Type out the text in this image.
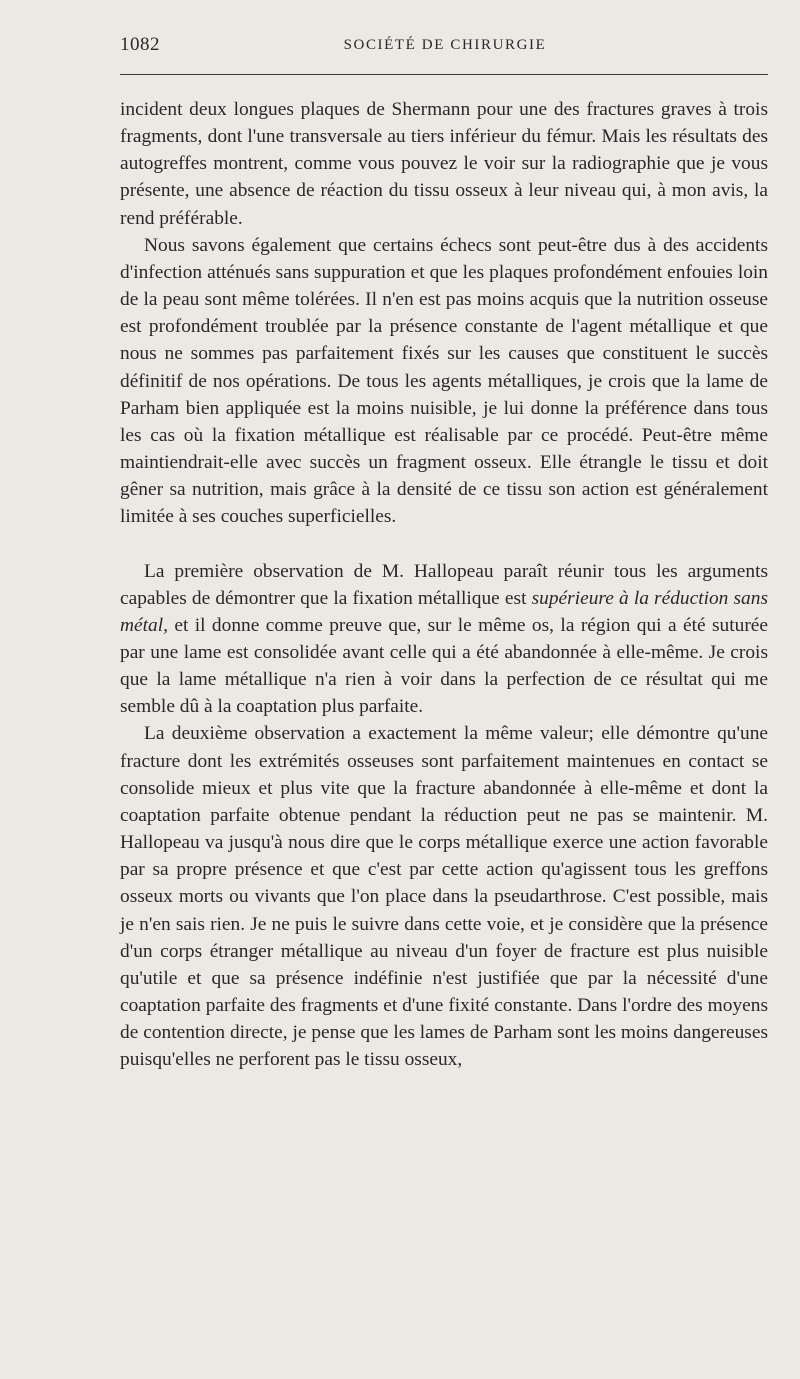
1082	SOCIÉTÉ DE CHIRURGIE

incident deux longues plaques de Shermann pour une des fractures graves à trois fragments, dont l'une transversale au tiers inférieur du fémur. Mais les résultats des autogreffes montrent, comme vous pouvez le voir sur la radiographie que je vous présente, une absence de réaction du tissu osseux à leur niveau qui, à mon avis, la rend préférable.

Nous savons également que certains échecs sont peut-être dus à des accidents d'infection atténués sans suppuration et que les plaques profondément enfouies loin de la peau sont même tolérées. Il n'en est pas moins acquis que la nutrition osseuse est profondément troublée par la présence constante de l'agent métallique et que nous ne sommes pas parfaitement fixés sur les causes que constituent le succès définitif de nos opérations. De tous les agents métalliques, je crois que la lame de Parham bien appliquée est la moins nuisible, je lui donne la préférence dans tous les cas où la fixation métallique est réalisable par ce procédé. Peut-être même maintiendrait-elle avec succès un fragment osseux. Elle étrangle le tissu et doit gêner sa nutrition, mais grâce à la densité de ce tissu son action est généralement limitée à ses couches superficielles.

La première observation de M. Hallopeau paraît réunir tous les arguments capables de démontrer que la fixation métallique est supérieure à la réduction sans métal, et il donne comme preuve que, sur le même os, la région qui a été suturée par une lame est consolidée avant celle qui a été abandonnée à elle-même. Je crois que la lame métallique n'a rien à voir dans la perfection de ce résultat qui me semble dû à la coaptation plus parfaite.

La deuxième observation a exactement la même valeur; elle démontre qu'une fracture dont les extrémités osseuses sont parfaitement maintenues en contact se consolide mieux et plus vite que la fracture abandonnée à elle-même et dont la coaptation parfaite obtenue pendant la réduction peut ne pas se maintenir. M. Hallopeau va jusqu'à nous dire que le corps métallique exerce une action favorable par sa propre présence et que c'est par cette action qu'agissent tous les greffons osseux morts ou vivants que l'on place dans la pseudarthrose. C'est possible, mais je n'en sais rien. Je ne puis le suivre dans cette voie, et je considère que la présence d'un corps étranger métallique au niveau d'un foyer de fracture est plus nuisible qu'utile et que sa présence indéfinie n'est justifiée que par la nécessité d'une coaptation parfaite des fragments et d'une fixité constante. Dans l'ordre des moyens de contention directe, je pense que les lames de Parham sont les moins dangereuses puisqu'elles ne perforent pas le tissu osseux,
